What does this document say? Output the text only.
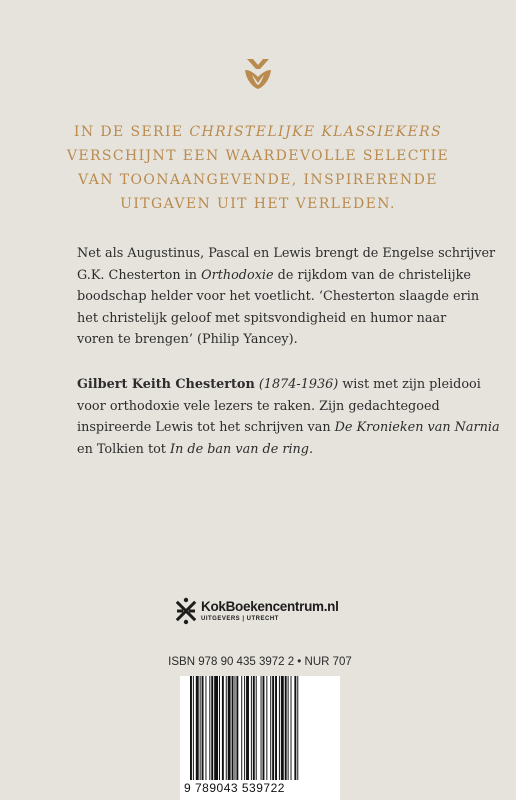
IN DE SERIE CHRISTELIJKE KLASSIEKERS
VERSCHIJNT EEN WAARDEVOLLE SELECTIE
VAN TOONAANGEVENDE, INSPIRERENDE
UITGAVEN UIT HET VERLEDEN.
Net als Augustinus, Pascal en Lewis brengt de Engelse schrijver
G.K. Chesterton in Orthodoxie de rijkdom van de christelijke
boodschap helder voor het voetlicht. ‘Chesterton slaagde erin
het christelijk geloof met spitsvondigheid en humor naar
voren te brengen’ (Philip Yancey).
Gilbert Keith Chesterton (1874-1936) wist met zijn pleidooi
voor orthodoxie vele lezers te raken. Zijn gedachtegoed
inspireerde Lewis tot het schrijven van De Kronieken van Narnia
en Tolkien tot In de ban van de ring.
KokBoekencentrum.nl
UITGEVERS | UTRECHT
ISBN 978 90 435 3972 2 • NUR 707
9 789043 539722
